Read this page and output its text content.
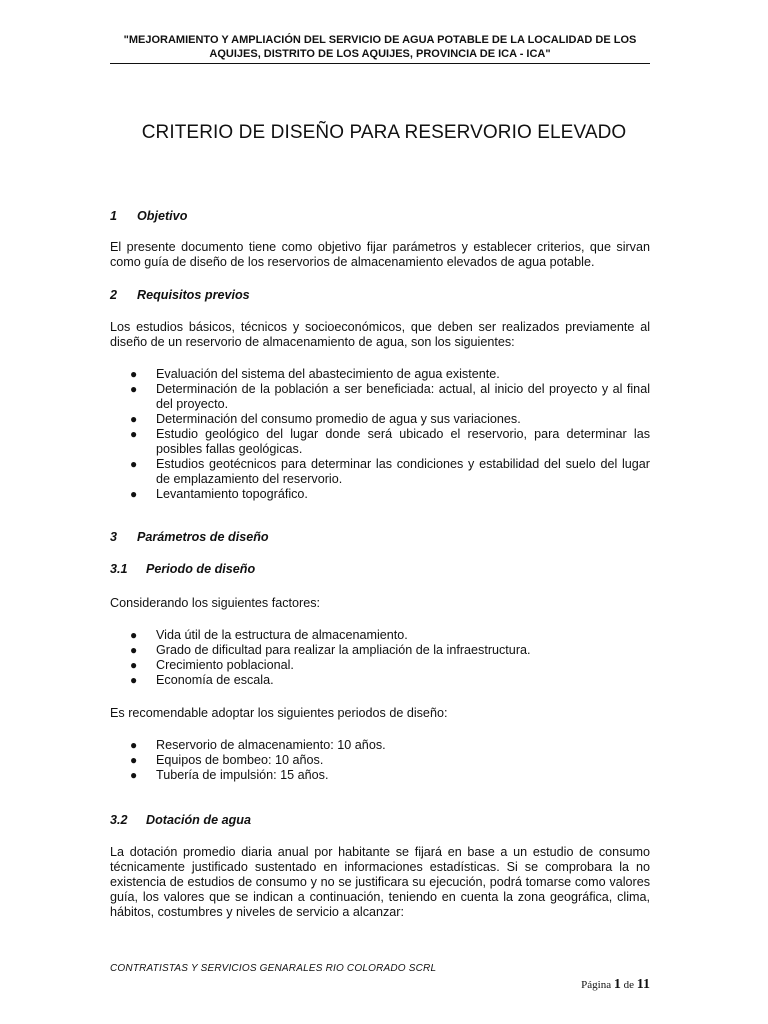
"MEJORAMIENTO Y AMPLIACIÓN DEL SERVICIO DE AGUA POTABLE DE LA LOCALIDAD DE LOS
AQUIJES, DISTRITO DE LOS AQUIJES, PROVINCIA DE ICA - ICA"
CRITERIO DE DISEÑO PARA RESERVORIO ELEVADO
1 Objetivo
El presente documento tiene como objetivo fijar parámetros y establecer criterios, que sirvan como guía de diseño de los reservorios de almacenamiento elevados de agua potable.
2 Requisitos previos
Los estudios básicos, técnicos y socioeconómicos, que deben ser realizados previamente al diseño de un reservorio de almacenamiento de agua, son los siguientes:
● Evaluación del sistema del abastecimiento de agua existente.
● Determinación de la población a ser beneficiada: actual, al inicio del proyecto y al final del proyecto.
● Determinación del consumo promedio de agua y sus variaciones.
● Estudio geológico del lugar donde será ubicado el reservorio, para determinar las posibles fallas geológicas.
● Estudios geotécnicos para determinar las condiciones y estabilidad del suelo del lugar de emplazamiento del reservorio.
● Levantamiento topográfico.
3 Parámetros de diseño
3.1 Periodo de diseño
Considerando los siguientes factores:
● Vida útil de la estructura de almacenamiento.
● Grado de dificultad para realizar la ampliación de la infraestructura.
● Crecimiento poblacional.
● Economía de escala.
Es recomendable adoptar los siguientes periodos de diseño:
● Reservorio de almacenamiento: 10 años.
● Equipos de bombeo: 10 años.
● Tubería de impulsión: 15 años.
3.2 Dotación de agua
La dotación promedio diaria anual por habitante se fijará en base a un estudio de consumo técnicamente justificado sustentado en informaciones estadísticas. Si se comprobara la no existencia de estudios de consumo y no se justificara su ejecución, podrá tomarse como valores guía, los valores que se indican a continuación, teniendo en cuenta la zona geográfica, clima, hábitos, costumbres y niveles de servicio a alcanzar:
CONTRATISTAS Y SERVICIOS GENARALES RIO COLORADO SCRL
Página 1 de 11
